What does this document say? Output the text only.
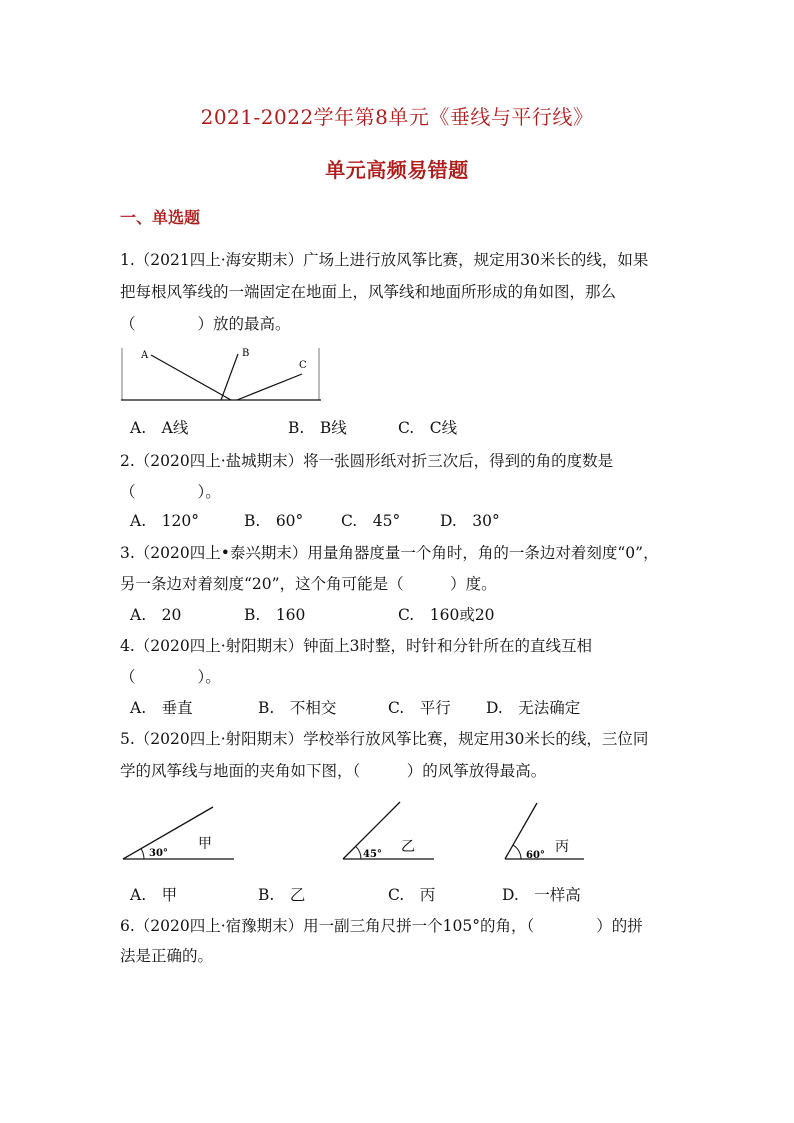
2021-2022学年第8单元《垂线与平行线》
单元高频易错题
一、单选题
1.（2021四上·海安期末）广场上进行放风筝比赛，规定用30米长的线，如果
把每根风筝线的一端固定在地面上，风筝线和地面所形成的角如图，那么
（　　　　）放的最高。
A	B
C
A.　A线	B.　B线	C.　C线
2.（2020四上·盐城期末）将一张圆形纸对折三次后，得到的角的度数是
（　　　　）。
A.　120°	B.　60° C.　45°	D.　30°
3.（2020四上•泰兴期末）用量角器度量一个角时，角的一条边对着刻度“0”，
另一条边对着刻度“20”，这个角可能是（　　　）度。
A.　20	B.　160	C.　160或20
4.（2020四上·射阳期末）钟面上3时整，时针和分针所在的直线互相
（　　　　）。
A.　垂直	B.　不相交	C.　平行 D.　无法确定
5.（2020四上·射阳期末）学校举行放风筝比赛，规定用30米长的线，三位同
学的风筝线与地面的夹角如下图，（　　　）的风筝放得最高。
30°
甲
45° 乙
60°
丙
A.　甲	B.　乙	C.　丙	D.　一样高
6.（2020四上·宿豫期末）用一副三角尺拼一个105°的角，（　　　　）的拼
法是正确的。
